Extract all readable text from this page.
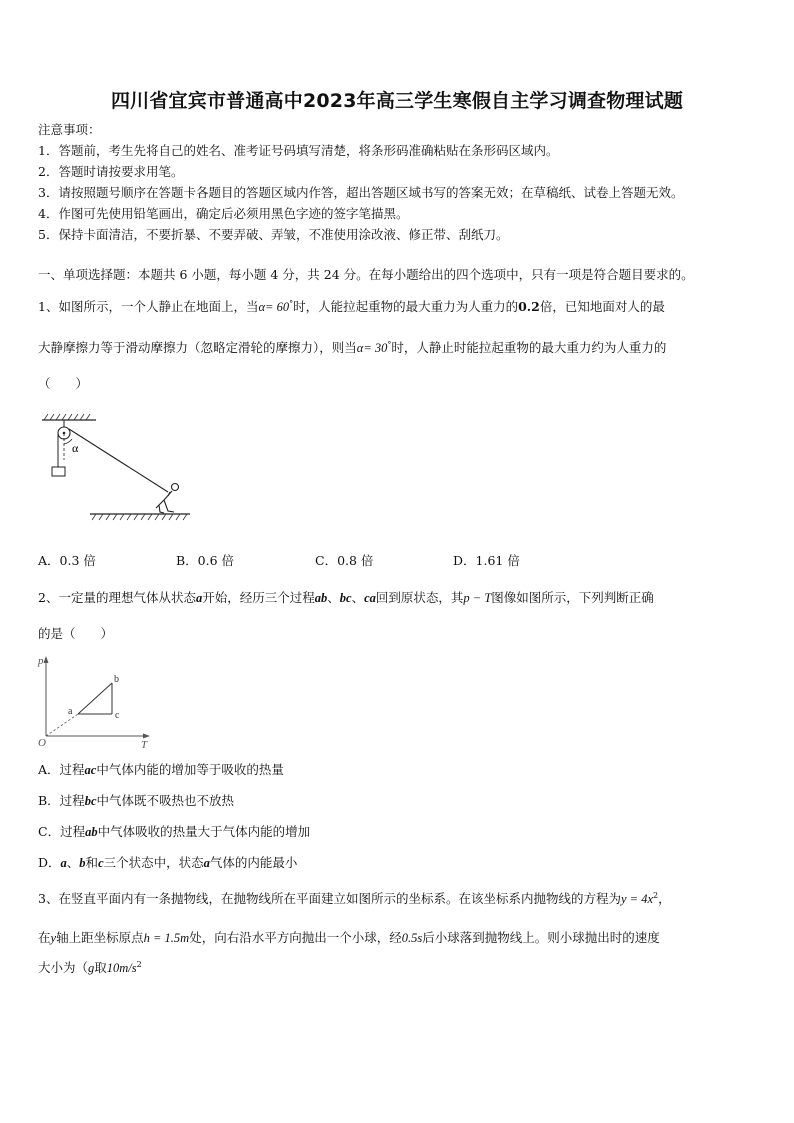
四川省宜宾市普通高中2023年高三学生寒假自主学习调查物理试题
注意事项：
1．答题前，考生先将自己的姓名、准考证号码填写清楚，将条形码准确粘贴在条形码区域内。
2．答题时请按要求用笔。
3．请按照题号顺序在答题卡各题目的答题区域内作答，超出答题区域书写的答案无效；在草稿纸、试卷上答题无效。
4．作图可先使用铅笔画出，确定后必须用黑色字迹的签字笔描黑。
5．保持卡面清洁，不要折暴、不要弄破、弄皱，不准使用涂改液、修正带、刮纸刀。
一、单项选择题：本题共 6 小题，每小题 4 分，共 24 分。在每小题给出的四个选项中，只有一项是符合题目要求的。
1、如图所示，一个人静止在地面上，当α= 60°时，人能拉起重物的最大重力为人重力的0.2倍，已知地面对人的最
大静摩擦力等于滑动摩擦力（忽略定滑轮的摩擦力），则当α= 30°时，人静止时能拉起重物的最大重力约为人重力的
（　　）
α
A．0.3 倍	B．0.6 倍	C．0.8 倍	D．1.61 倍
2、一定量的理想气体从状态a开始，经历三个过程ab、bc、ca回到原状态，其p − T图像如图所示，下列判断正确
的是（　　）
p
T
O
a
b
c
A．过程ac中气体内能的增加等于吸收的热量
B．过程bc中气体既不吸热也不放热
C．过程ab中气体吸收的热量大于气体内能的增加
D．a、b和c三个状态中，状态a气体的内能最小
3、在竖直平面内有一条抛物线，在抛物线所在平面建立如图所示的坐标系。在该坐标系内抛物线的方程为$y = 4x^2$，
在y轴上距坐标原点h = 1.5m处，向右沿水平方向抛出一个小球，经0.5s后小球落到抛物线上。则小球抛出时的速度
大小为（g取$10m/s^2$
